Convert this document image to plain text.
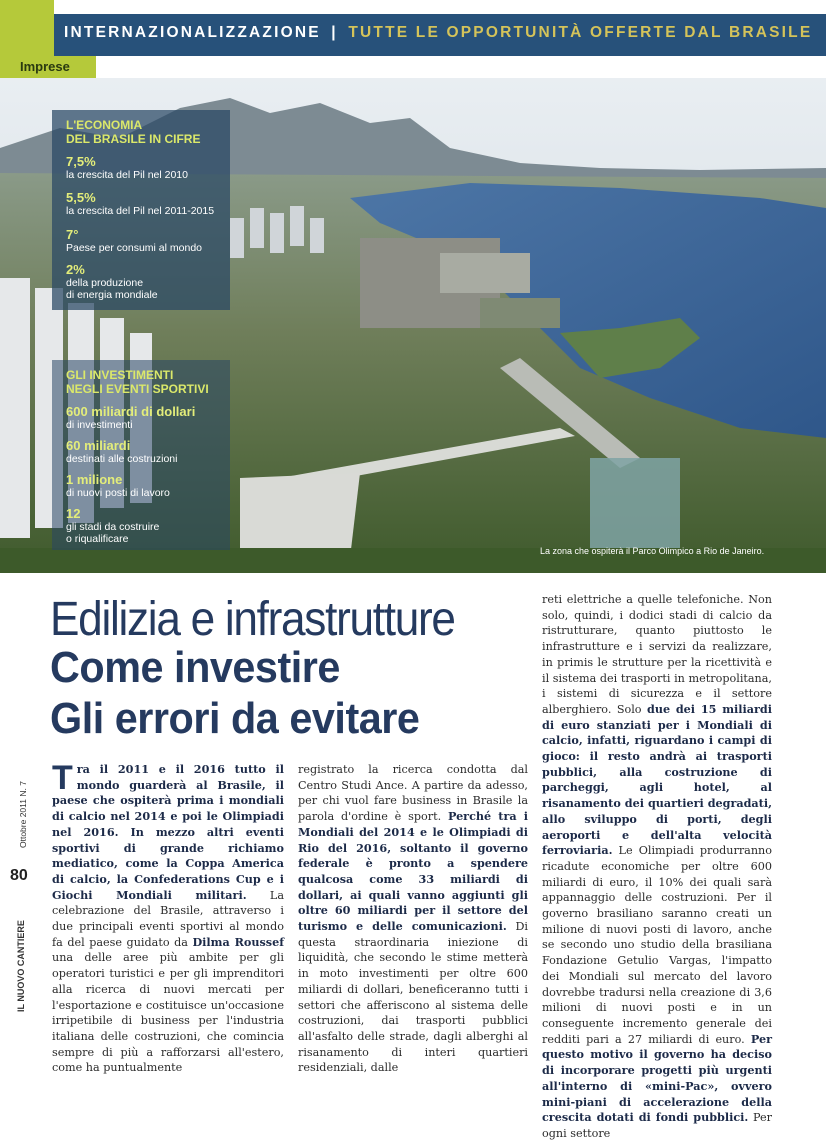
INTERNAZIONALIZZAZIONE | TUTTE LE OPPORTUNITÀ OFFERTE DAL BRASILE
Imprese
L'ECONOMIA
DEL BRASILE IN CIFRE
7,5%
la crescita del Pil nel 2010
5,5%
la crescita del Pil nel 2011-2015
7°
Paese per consumi al mondo
2%
della produzione
di energia mondiale
GLI INVESTIMENTI
NEGLI EVENTI SPORTIVI
600 miliardi di dollari
di investimenti
60 miliardi
destinati alle costruzioni
1 milione
di nuovi posti di lavoro
12
gli stadi da costruire
o riqualificare
La zona che ospiterà il Parco Olimpico a Rio de Janeiro.
Edilizia e infrastrutture
Come investire
Gli errori da evitare
Tra il 2011 e il 2016 tutto il mondo guarderà al Brasile, il paese che ospiterà prima i mondiali di calcio nel 2014 e poi le Olimpiadi nel 2016. In mezzo altri eventi sportivi di grande richiamo mediatico, come la Coppa America di calcio, la Confederations Cup e i Giochi Mondiali militari. La celebrazione del Brasile, attraverso i due principali eventi sportivi al mondo fa del paese guidato da Dilma Roussef una delle aree più ambite per gli operatori turistici e per gli imprenditori alla ricerca di nuovi mercati per l'esportazione e costituisce un'occasione irripetibile di business per l'industria italiana delle costruzioni, che comincia sempre di più a rafforzarsi all'estero, come ha puntualmente
registrato la ricerca condotta dal Centro Studi Ance. A partire da adesso, per chi vuol fare business in Brasile la parola d'ordine è sport. Perché tra i Mondiali del 2014 e le Olimpiadi di Rio del 2016, soltanto il governo federale è pronto a spendere qualcosa come 33 miliardi di dollari, ai quali vanno aggiunti gli oltre 60 miliardi per il settore del turismo e delle comunicazioni. Di questa straordinaria iniezione di liquidità, che secondo le stime metterà in moto investimenti per oltre 600 miliardi di dollari, beneficeranno tutti i settori che afferiscono al sistema delle costruzioni, dai trasporti pubblici all'asfalto delle strade, dagli alberghi al risanamento di interi quartieri residenziali, dalle
reti elettriche a quelle telefoniche. Non solo, quindi, i dodici stadi di calcio da ristrutturare, quanto piuttosto le infrastrutture e i servizi da realizzare, in primis le strutture per la ricettività e il sistema dei trasporti in metropolitana, i sistemi di sicurezza e il settore alberghiero. Solo due dei 15 miliardi di euro stanziati per i Mondiali di calcio, infatti, riguardano i campi di gioco: il resto andrà ai trasporti pubblici, alla costruzione di parcheggi, agli hotel, al risanamento dei quartieri degradati, allo sviluppo di porti, degli aeroporti e dell'alta velocità ferroviaria. Le Olimpiadi produrranno ricadute economiche per oltre 600 miliardi di euro, il 10% dei quali sarà appannaggio delle costruzioni. Per il governo brasiliano saranno creati un milione di nuovi posti di lavoro, anche se secondo uno studio della brasiliana Fondazione Getulio Vargas, l'impatto dei Mondiali sul mercato del lavoro dovrebbe tradursi nella creazione di 3,6 milioni di nuovi posti e in un conseguente incremento generale dei redditi pari a 27 miliardi di euro. Per questo motivo il governo ha deciso di incorporare progetti più urgenti all'interno di «mini-Pac», ovvero mini-piani di accelerazione della crescita dotati di fondi pubblici. Per ogni settore
Ottobre 2011 N. 7
80
IL NUOVO CANTIERE
